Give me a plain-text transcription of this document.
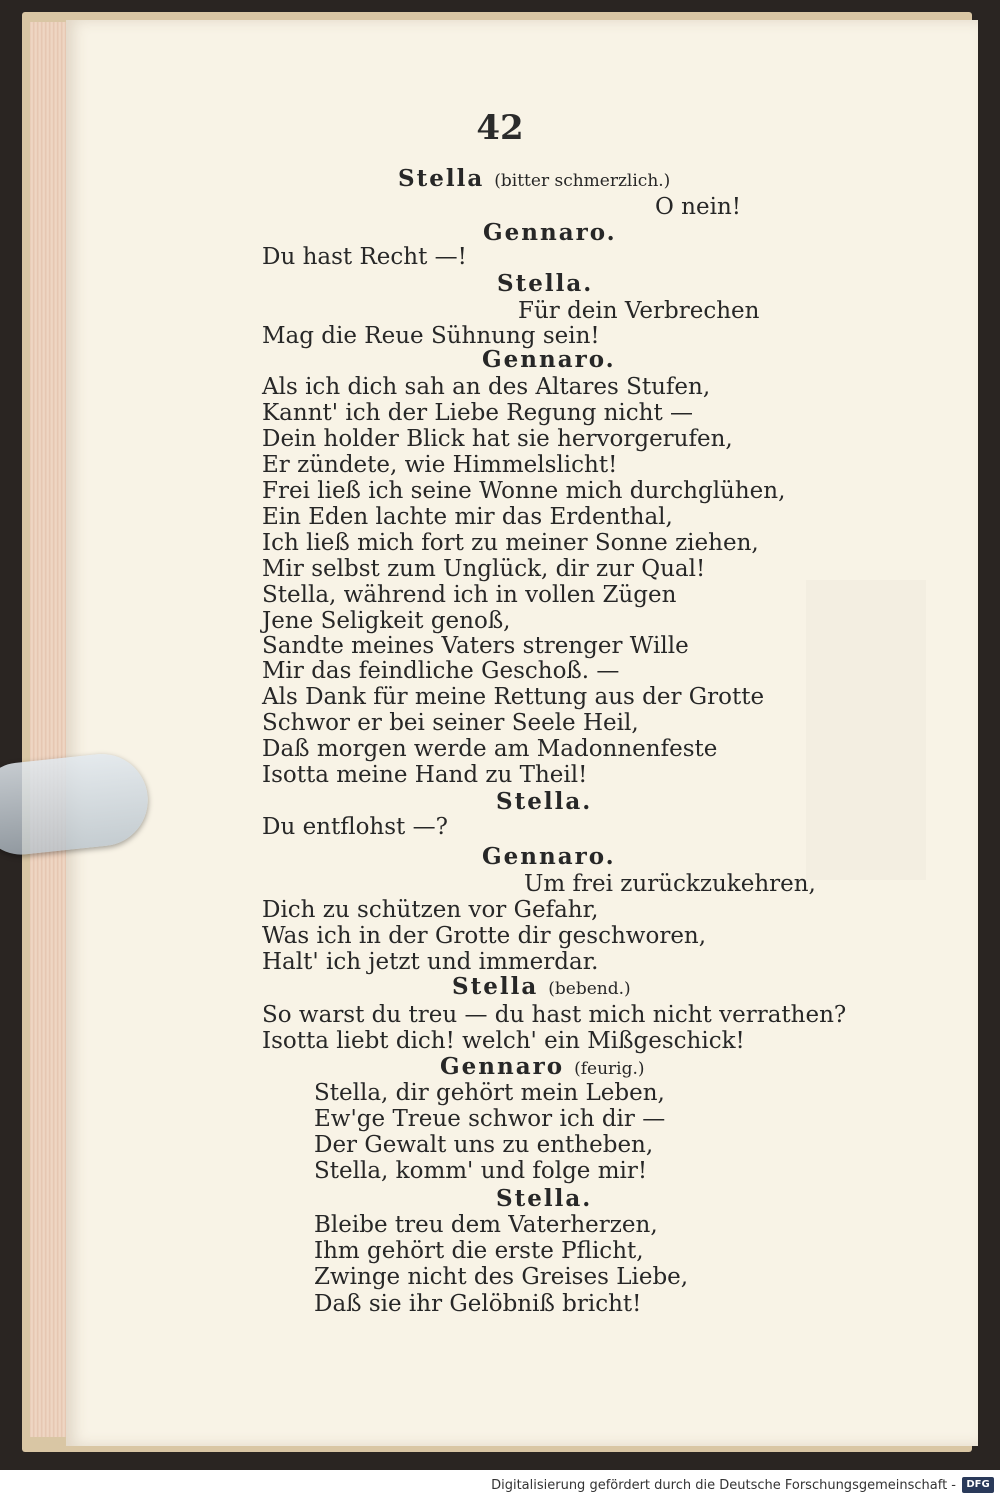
42
Stella (bitter schmerzlich.)
O nein!
Gennaro.
Du hast Recht —!
Stella.
Für dein Verbrechen
Mag die Reue Sühnung sein!
Gennaro.
Als ich dich sah an des Altares Stufen,
Kannt' ich der Liebe Regung nicht —
Dein holder Blick hat sie hervorgerufen,
Er zündete, wie Himmelslicht!
Frei ließ ich seine Wonne mich durchglühen,
Ein Eden lachte mir das Erdenthal,
Ich ließ mich fort zu meiner Sonne ziehen,
Mir selbst zum Unglück, dir zur Qual!
Stella, während ich in vollen Zügen
Jene Seligkeit genoß,
Sandte meines Vaters strenger Wille
Mir das feindliche Geschoß. —
Als Dank für meine Rettung aus der Grotte
Schwor er bei seiner Seele Heil,
Daß morgen werde am Madonnenfeste
Isotta meine Hand zu Theil!
Stella.
Du entflohst —?
Gennaro.
Um frei zurückzukehren,
Dich zu schützen vor Gefahr,
Was ich in der Grotte dir geschworen,
Halt' ich jetzt und immerdar.
Stella (bebend.)
So warst du treu — du hast mich nicht verrathen?
Isotta liebt dich! welch' ein Mißgeschick!
Gennaro (feurig.)
Stella, dir gehört mein Leben,
Ew'ge Treue schwor ich dir —
Der Gewalt uns zu entheben,
Stella, komm' und folge mir!
Stella.
Bleibe treu dem Vaterherzen,
Ihm gehört die erste Pflicht,
Zwinge nicht des Greises Liebe,
Daß sie ihr Gelöbniß bricht!
Digitalisierung gefördert durch die Deutsche Forschungsgemeinschaft -	DFG
